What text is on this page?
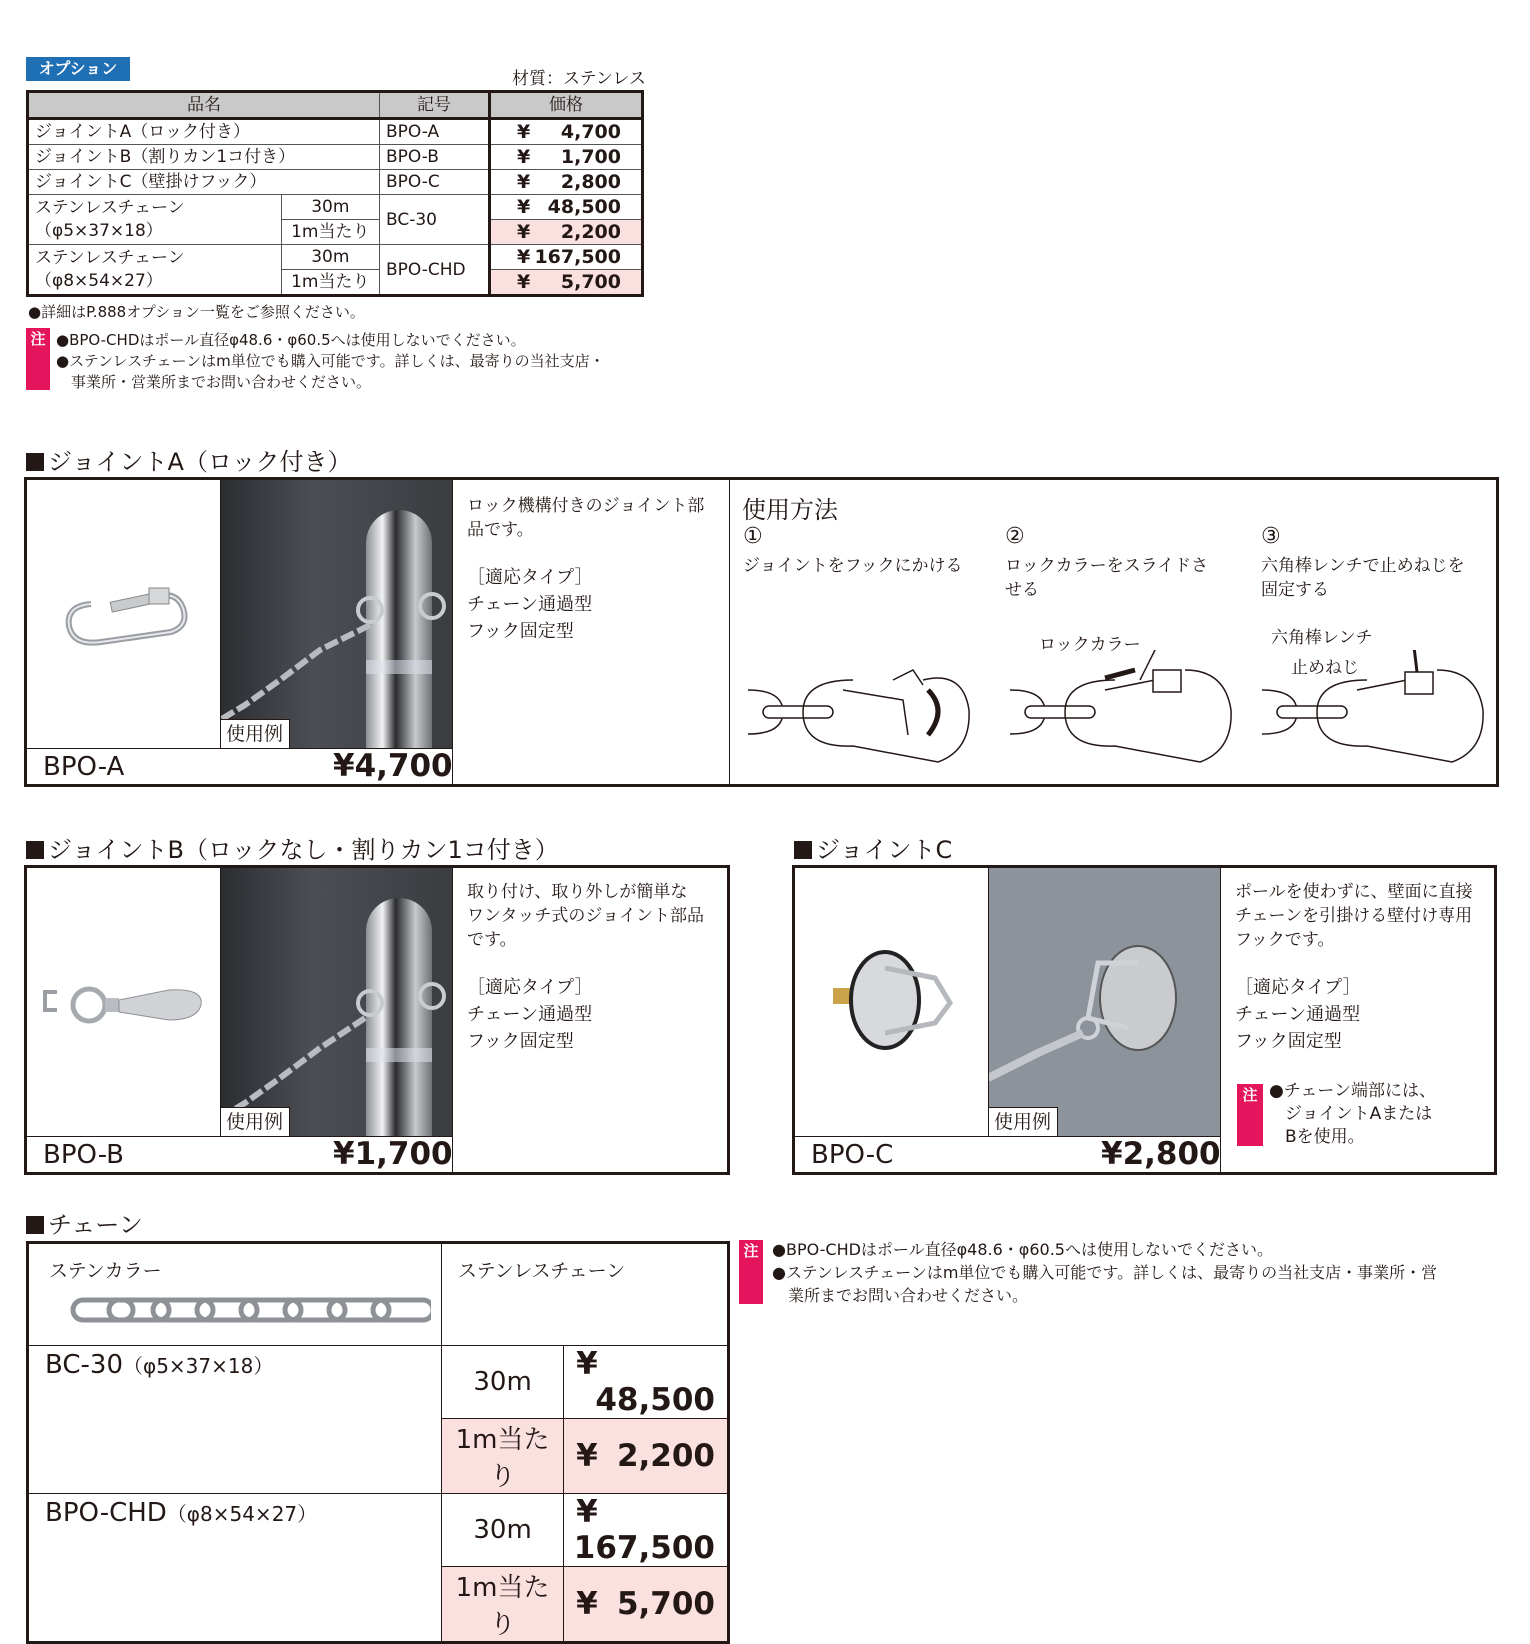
オプション
材質：ステンレス
品名		記号	価格
ジョイントA（ロック付き）		BPO-A	¥ 4,700
ジョイントB（割りカン1コ付き）		BPO-B	¥ 1,700
ジョイントC（壁掛けフック）		BPO-C	¥ 2,800
ステンレスチェーン
（φ5×37×18）	30m	BC-30	¥ 48,500
	1m当たり		¥ 2,200
ステンレスチェーン
（φ8×54×27）	30m	BPO-CHD	¥ 167,500
	1m当たり		¥ 5,700
●詳細はP.888オプション一覧をご参照ください。
注 ●BPO-CHDはポール直径φ48.6・φ60.5へは使用しないでください。
●ステンレスチェーンはm単位でも購入可能です。詳しくは、最寄りの当社支店・
　事業所・営業所までお問い合わせください。
ジョイントA（ロック付き）
使用例
BPO-A	¥4,700
ロック機構付きのジョイント部
品です。
［適応タイプ］
チェーン通過型
フック固定型
使用方法
①
ジョイントをフックにかける
②
ロックカラーをスライドさ
せる
③
六角棒レンチで止めねじを
固定する
ロックカラー	六角棒レンチ
止めねじ
ジョイントB（ロックなし・割りカン1コ付き）
使用例
BPO-B	¥1,700
取り付け、取り外しが簡単な
ワンタッチ式のジョイント部品
です。
［適応タイプ］
チェーン通過型
フック固定型
ジョイントC
使用例
BPO-C	¥2,800
ポールを使わずに、壁面に直接
チェーンを引掛ける壁付け専用
フックです。
［適応タイプ］
チェーン通過型
フック固定型
注 ●チェーン端部には、
ジョイントAまたは
Bを使用。
チェーン
ステンカラー	ステンレスチェーン	
BC-30（φ5×37×18）	30m	¥
48,500
	1m当たり	¥ 2,200
BPO-CHD（φ8×54×27）	30m	¥
167,500
	1m当たり	¥ 5,700
注 ●BPO-CHDはポール直径φ48.6・φ60.5へは使用しないでください。
●ステンレスチェーンはm単位でも購入可能です。詳しくは、最寄りの当社支店・事業所・営
　業所までお問い合わせください。
